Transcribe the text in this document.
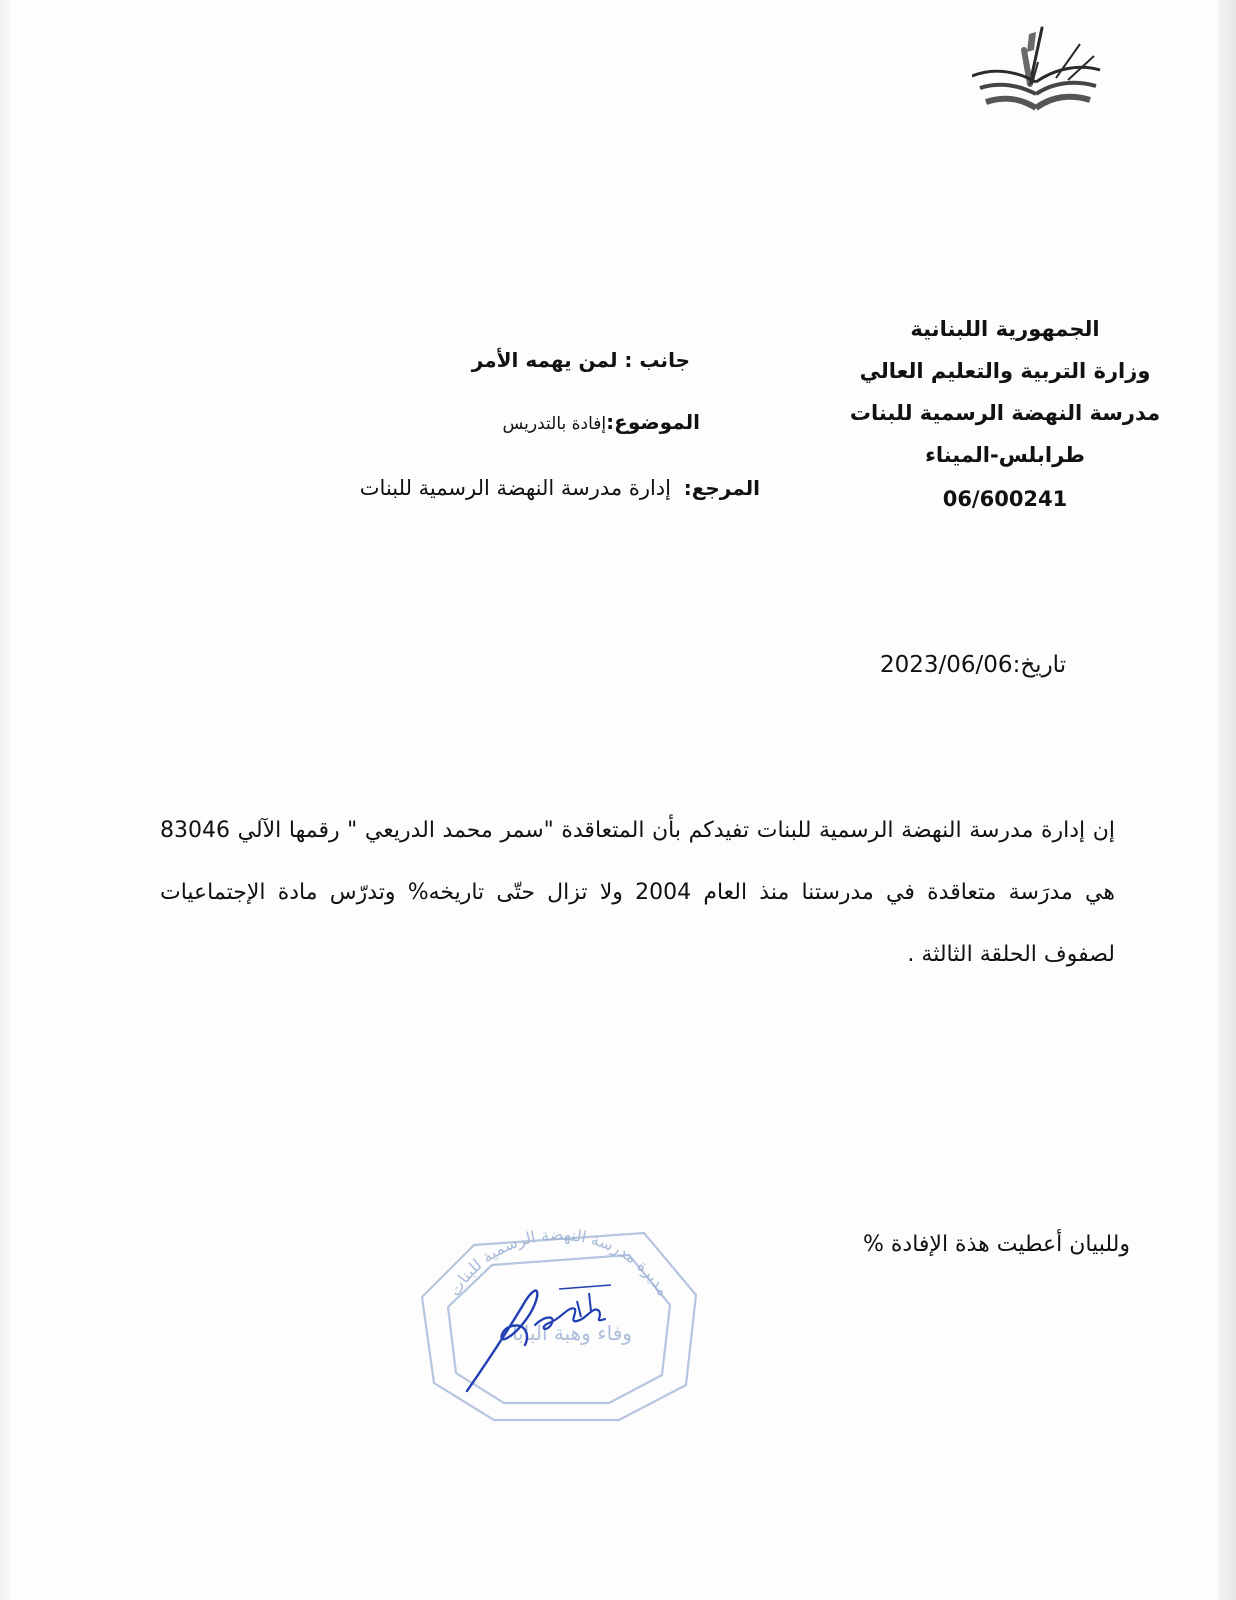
الجمهورية اللبنانية
وزارة التربية والتعليم العالي
مدرسة النهضة الرسمية للبنات
طرابلس-الميناء
06/600241
جانب : لمن يهمه الأمر
الموضوع:إفادة بالتدريس
المرجع:  إدارة مدرسة النهضة الرسمية للبنات
تاريخ:2023/06/06
إن إدارة مدرسة النهضة الرسمية للبنات تفيدكم بأن المتعاقدة "سمر محمد الدريعي " رقمها الآلي 83046 هي مدرَسة متعاقدة في مدرستنا منذ العام 2004 ولا تزال حتّى تاريخه% وتدرّس مادة الإجتماعيات لصفوف الحلقة الثالثة .
وللبيان أعطيت هذة الإفادة %
مديرة مدرسة النهضة الرسمية للبنات
وفاء وهبة البابا
